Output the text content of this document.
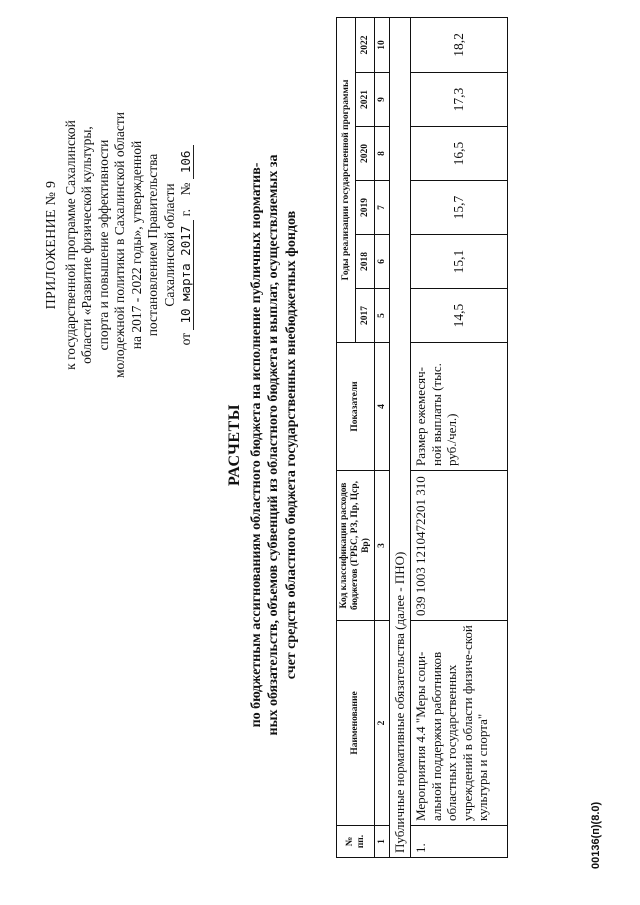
ПРИЛОЖЕНИЕ № 9 к государственной программе Сахалинской области «Развитие физической культуры, спорта и повышение эффективности молодежной политики в Сахалинской области на 2017 - 2022 годы», утвержденной постановлением Правительства Сахалинской области
от 10 марта 2017 г.    № 106
РАСЧЕТЫ по бюджетным ассигнованиям областного бюджета на исполнение публичных норматив- ных обязательств, объемов субвенций из областного бюджета и выплат, осуществляемых за счет средств областного бюджета государственных внебюджетных фондов
№ пп.	Наименование	Код классификации расходов бюджетов (ГРБС, РЗ, Пр, Цср, Вр)	Показатели	Годы реализации государственной программы					
				2017	2018	2019	2020	2021	2022
1	2	3	4	5	6	7	8	9	10
Публичные нормативные обязательства (далее - ПНО)									
1.	Мероприятия 4.4 "Меры соци-альной поддержки работников областных государственных учреждений в области физиче-ской культуры и спорта"	039 1003 1210472201 310	Размер ежемесяч-ной выплаты (тыс. руб./чел.)	14,5	15,1	15,7	16,5	17,3	18,2
00136(п)(8.0)
